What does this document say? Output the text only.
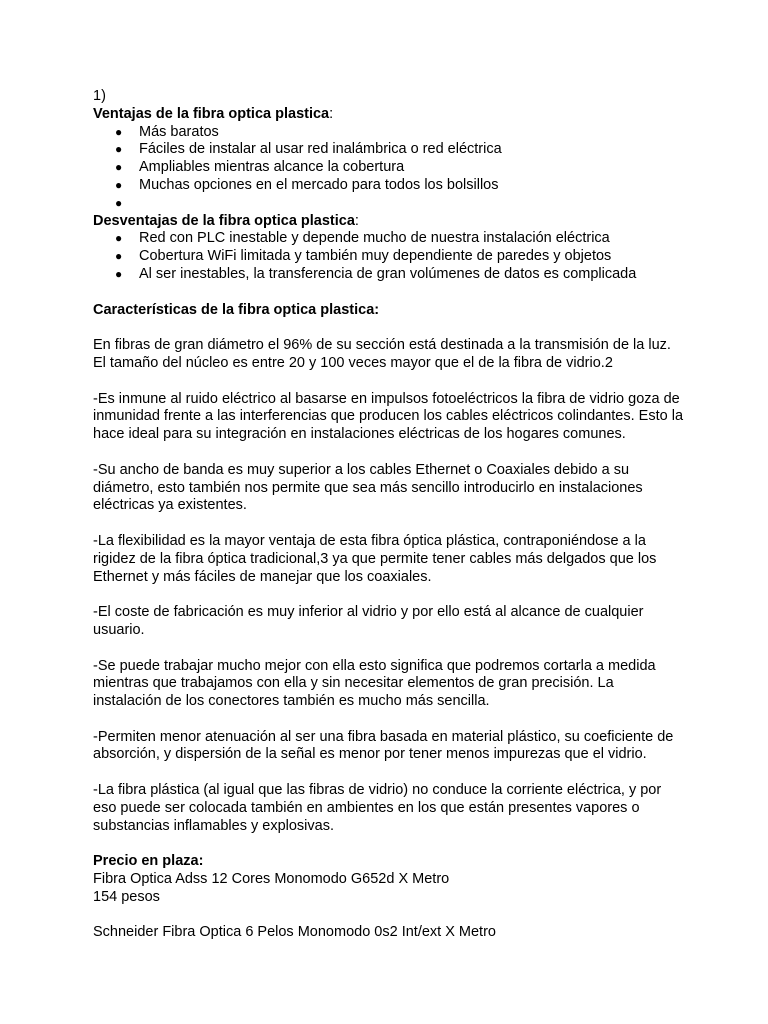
1)

Ventajas de la fibra optica plastica:

● Más baratos
● Fáciles de instalar al usar red inalámbrica o red eléctrica
● Ampliables mientras alcance la cobertura
● Muchas opciones en el mercado para todos los bolsillos
●

Desventajas de la fibra optica plastica:

● Red con PLC inestable y depende mucho de nuestra instalación eléctrica
● Cobertura WiFi limitada y también muy dependiente de paredes y objetos
● Al ser inestables, la transferencia de gran volúmenes de datos es complicada

Características de la fibra optica plastica:

En fibras de gran diámetro el 96% de su sección está destinada a la transmisión de la luz. El tamaño del núcleo es entre 20 y 100 veces mayor que el de la fibra de vidrio.2

-Es inmune al ruido eléctrico al basarse en impulsos fotoeléctricos la fibra de vidrio goza de inmunidad frente a las interferencias que producen los cables eléctricos colindantes. Esto la hace ideal para su integración en instalaciones eléctricas de los hogares comunes.

-Su ancho de banda es muy superior a los cables Ethernet o Coaxiales debido a su diámetro, esto también nos permite que sea más sencillo introducirlo en instalaciones eléctricas ya existentes.

-La flexibilidad es la mayor ventaja de esta fibra óptica plástica, contraponiéndose a la rigidez de la fibra óptica tradicional,3 ya que permite tener cables más delgados que los Ethernet y más fáciles de manejar que los coaxiales.

-El coste de fabricación es muy inferior al vidrio y por ello está al alcance de cualquier usuario.

-Se puede trabajar mucho mejor con ella esto significa que podremos cortarla a medida mientras que trabajamos con ella y sin necesitar elementos de gran precisión. La instalación de los conectores también es mucho más sencilla.

-Permiten menor atenuación al ser una fibra basada en material plástico, su coeficiente de absorción, y dispersión de la señal es menor por tener menos impurezas que el vidrio.

-La fibra plástica (al igual que las fibras de vidrio) no conduce la corriente eléctrica, y por eso puede ser colocada también en ambientes en los que están presentes vapores o substancias inflamables y explosivas.

Precio en plaza:

Fibra Optica Adss 12 Cores Monomodo G652d X Metro

154 pesos

Schneider Fibra Optica 6 Pelos Monomodo 0s2 Int/ext X Metro
